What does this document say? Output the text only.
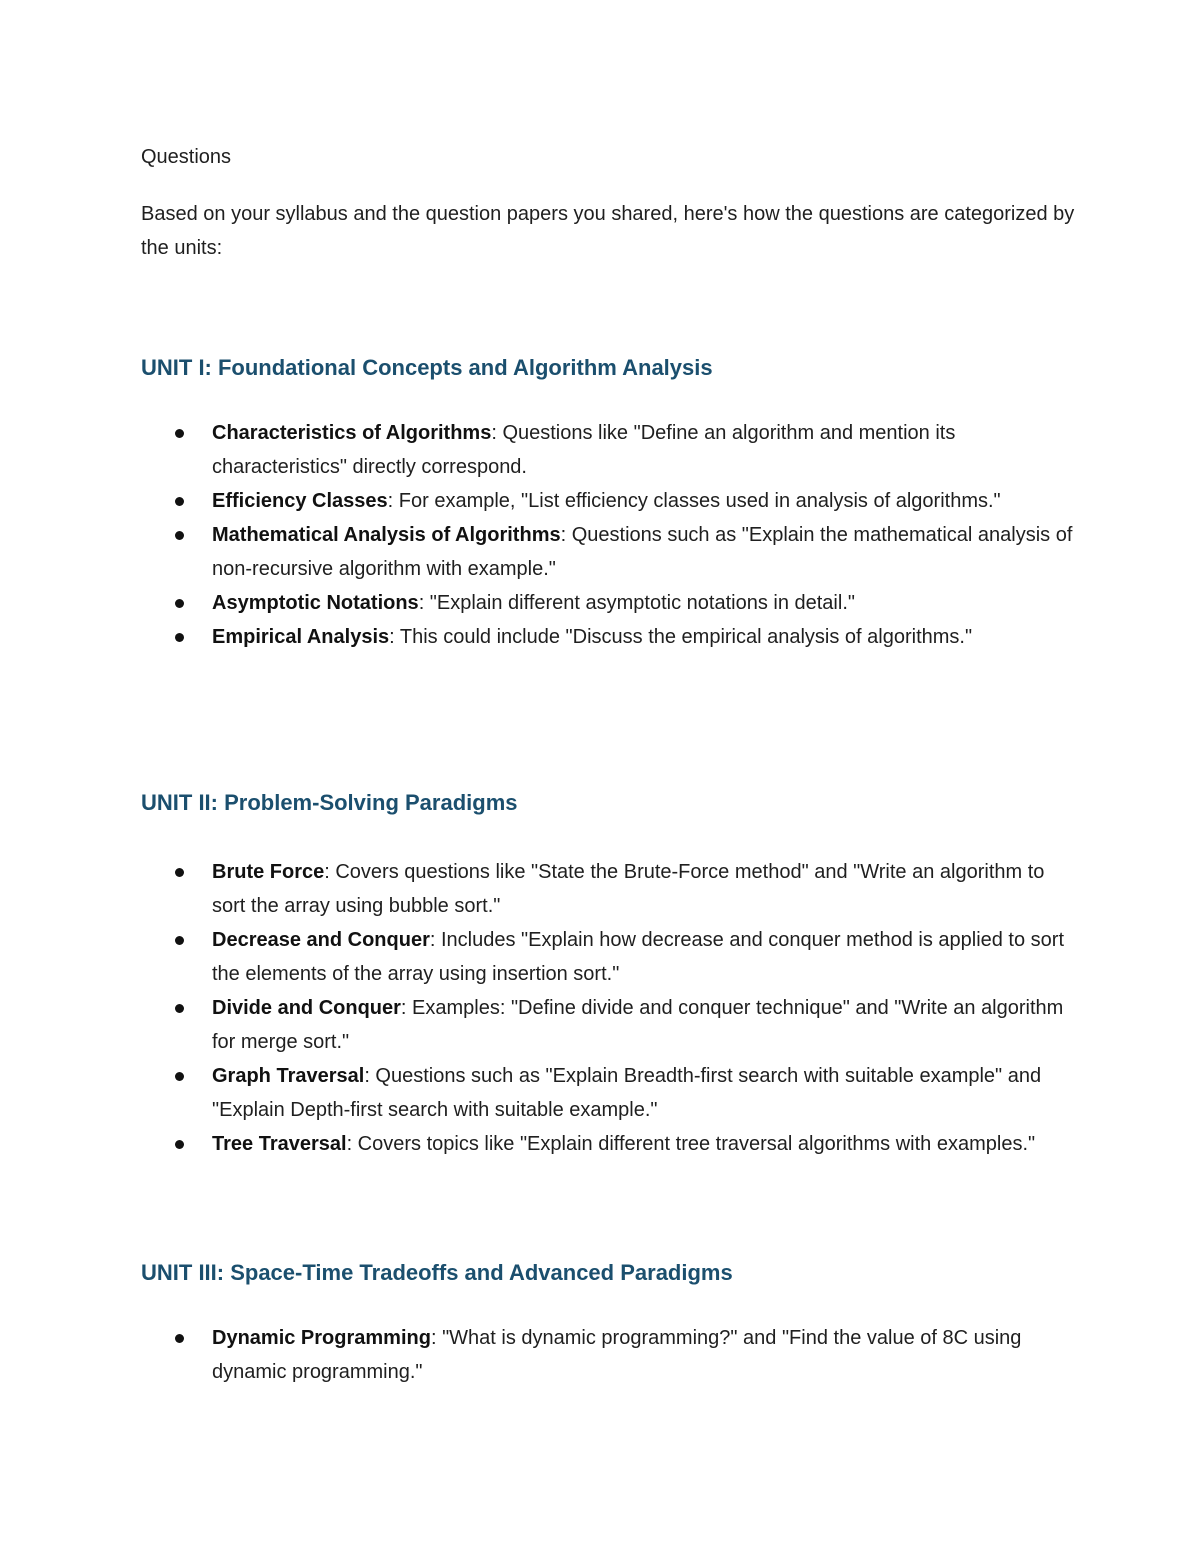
Questions

Based on your syllabus and the question papers you shared, here's how the questions are categorized by the units:

UNIT I: Foundational Concepts and Algorithm Analysis
Characteristics of Algorithms: Questions like "Define an algorithm and mention its characteristics" directly correspond.
Efficiency Classes: For example, "List efficiency classes used in analysis of algorithms."
Mathematical Analysis of Algorithms: Questions such as "Explain the mathematical analysis of non-recursive algorithm with example."
Asymptotic Notations: "Explain different asymptotic notations in detail."
Empirical Analysis: This could include "Discuss the empirical analysis of algorithms."
UNIT II: Problem-Solving Paradigms
Brute Force: Covers questions like "State the Brute-Force method" and "Write an algorithm to sort the array using bubble sort."
Decrease and Conquer: Includes "Explain how decrease and conquer method is applied to sort the elements of the array using insertion sort."
Divide and Conquer: Examples: "Define divide and conquer technique" and "Write an algorithm for merge sort."
Graph Traversal: Questions such as "Explain Breadth-first search with suitable example" and "Explain Depth-first search with suitable example."
Tree Traversal: Covers topics like "Explain different tree traversal algorithms with examples."
UNIT III: Space-Time Tradeoffs and Advanced Paradigms
Dynamic Programming: "What is dynamic programming?" and "Find the value of 8C using dynamic programming."
